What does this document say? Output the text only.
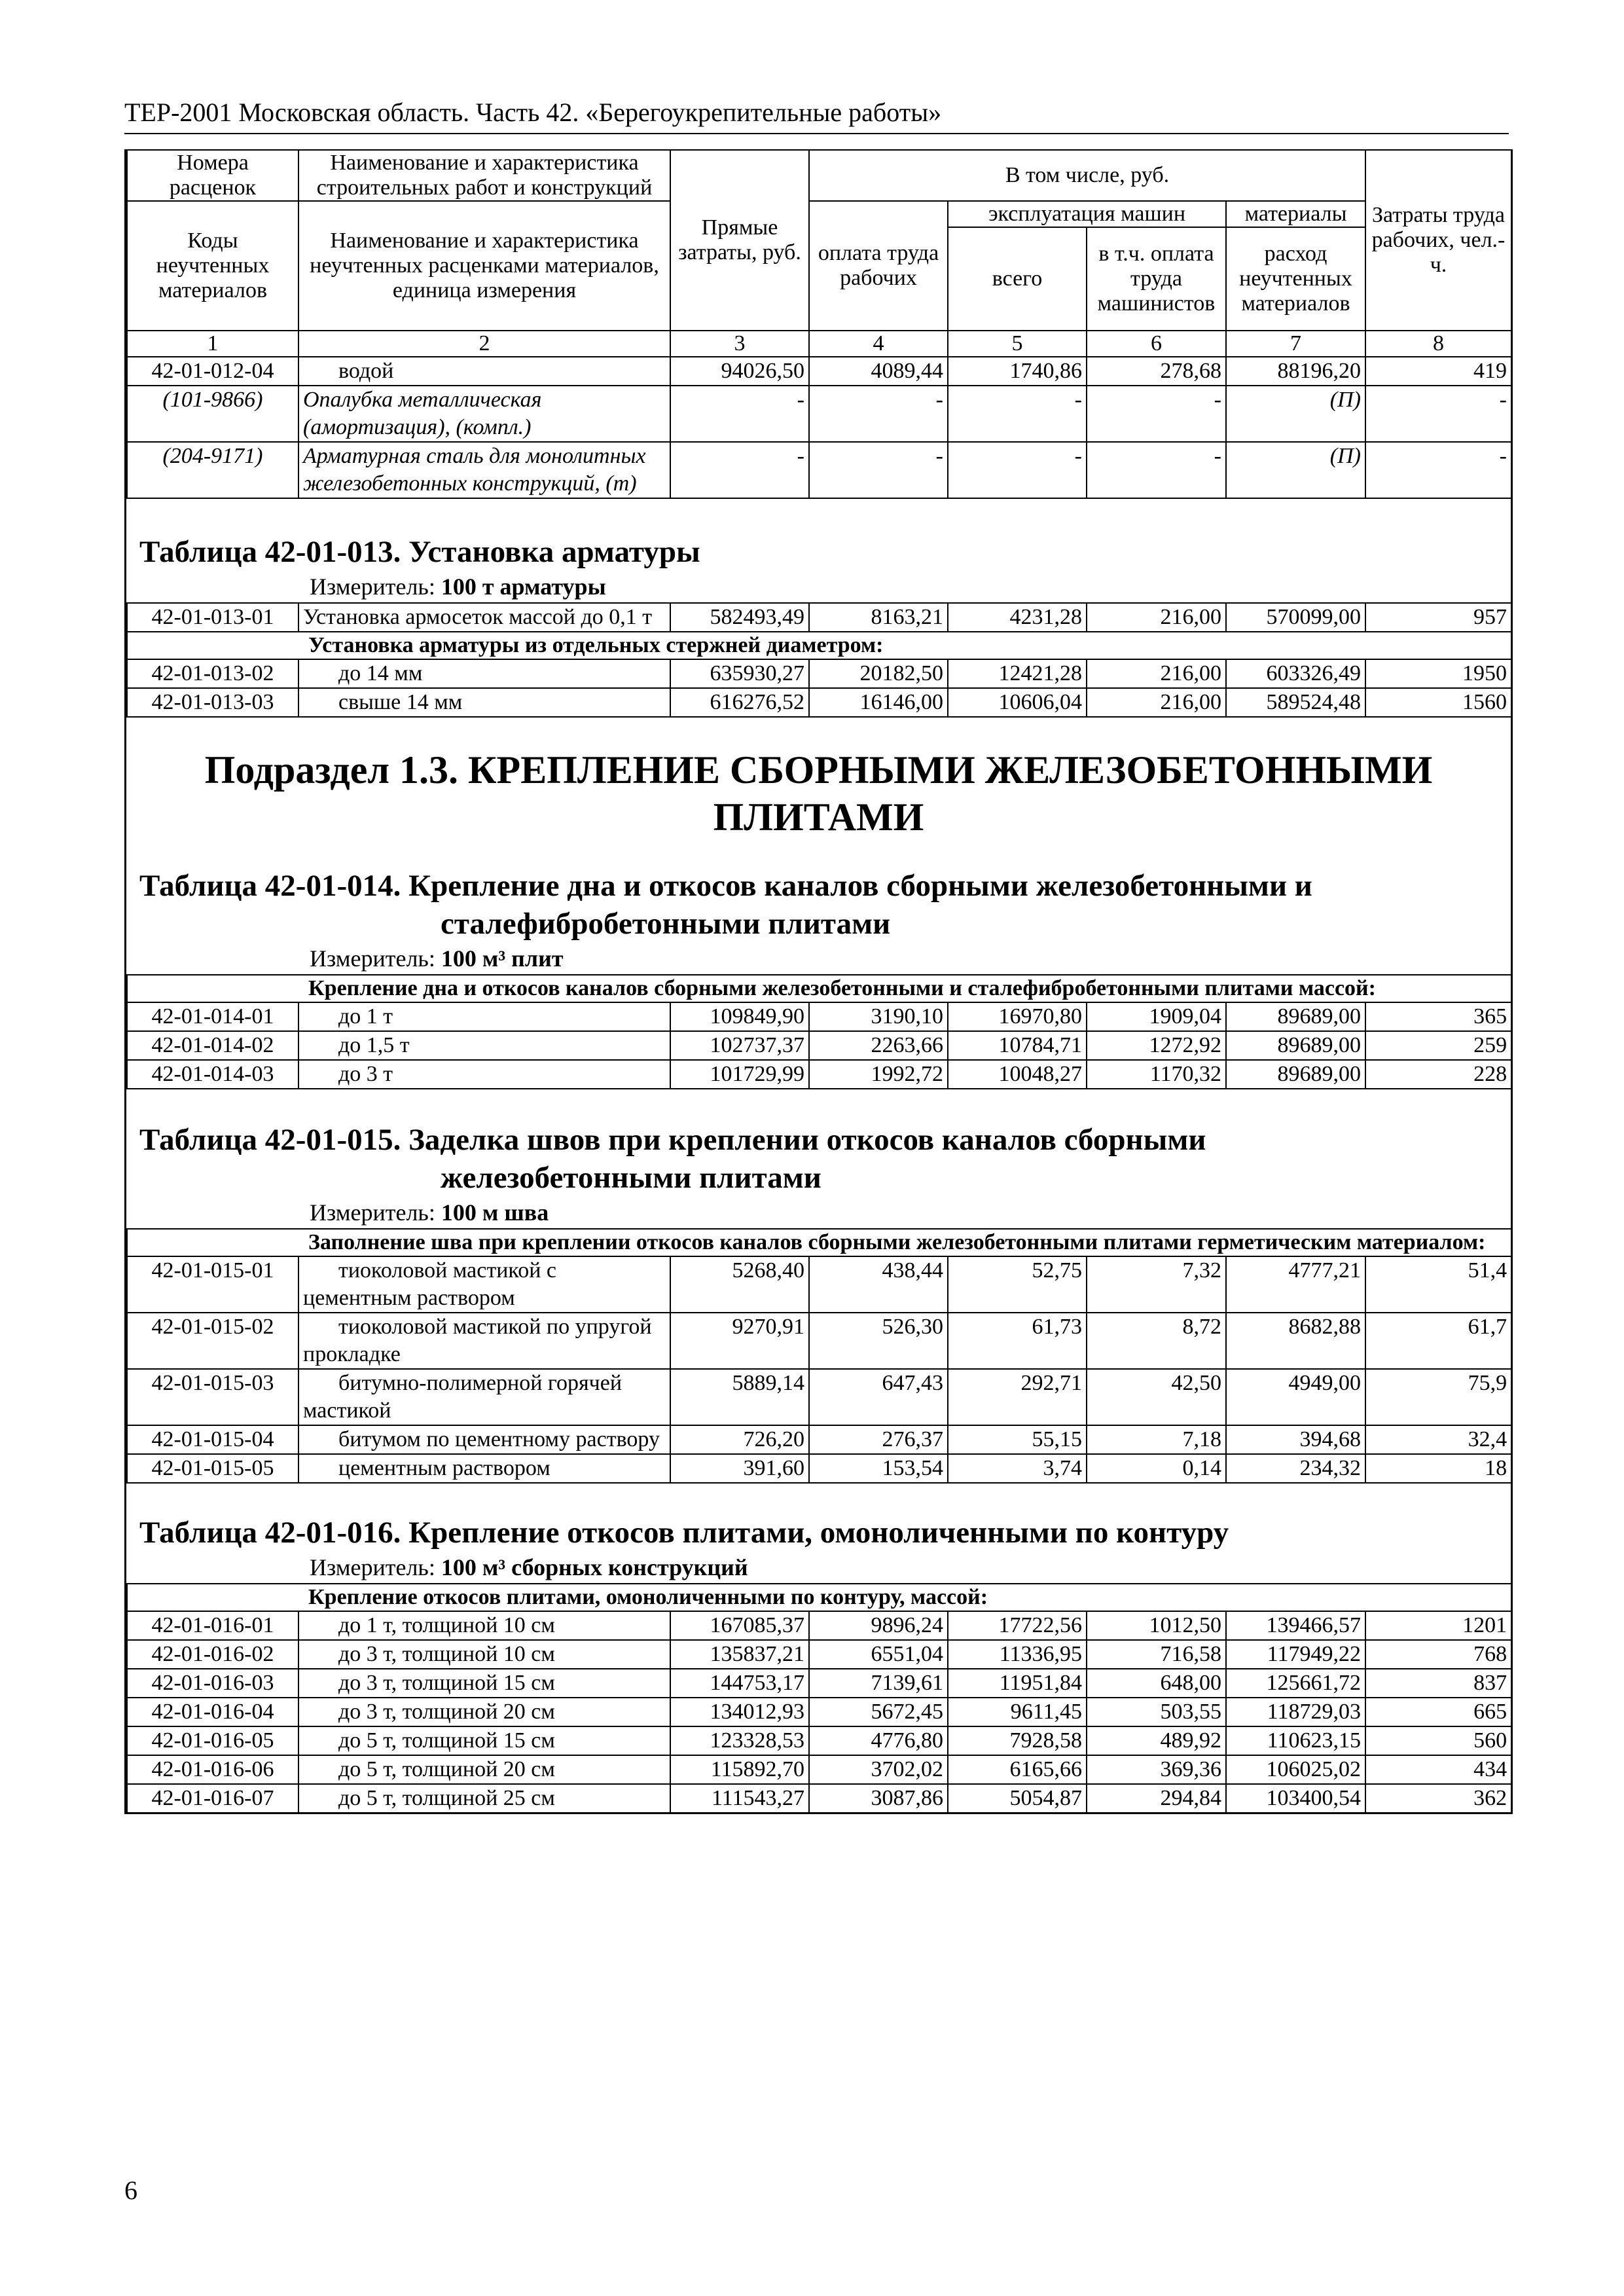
ТЕР-2001 Московская область. Часть 42. «Берегоукрепительные работы»
Номера расценок	Наименование и характеристика строительных работ и конструкций	Прямые затраты, руб.	В том числе, руб.				Затраты труда рабочих, чел.-ч.
Коды неучтенных материалов	Наименование и характеристика неучтенных расценками материалов, единица измерения		оплата труда рабочих	эксплуатация машин		материалы	
				всего	в т.ч. оплата труда машинистов	расход неучтенных материалов	
1	2	3	4	5	6	7	8
42-01-012-04	водой	94026,50	4089,44	1740,86	278,68	88196,20	419
(101-9866)	Опалубка металлическая (амортизация), (компл.)	-	-	-	-	(П)	-
(204-9171)	Арматурная сталь для монолитных железобетонных конструкций, (т)	-	-	-	-	(П)	-
Таблица 42-01-013. Установка арматуры
Измеритель: 100 т арматуры
42-01-013-01	Установка армосеток массой до 0,1 т	582493,49	8163,21	4231,28	216,00	570099,00	957
Установка арматуры из отдельных стержней диаметром:							
42-01-013-02	до 14 мм	635930,27	20182,50	12421,28	216,00	603326,49	1950
42-01-013-03	свыше 14 мм	616276,52	16146,00	10606,04	216,00	589524,48	1560
Подраздел 1.3. КРЕПЛЕНИЕ СБОРНЫМИ ЖЕЛЕЗОБЕТОННЫМИ
ПЛИТАМИ
Таблица 42-01-014. Крепление дна и откосов каналов сборными железобетонными и
сталефибробетонными плитами
Измеритель: 100 м³ плит
Крепление дна и откосов каналов сборными железобетонными и сталефибробетонными плитами массой:							
42-01-014-01	до 1 т	109849,90	3190,10	16970,80	1909,04	89689,00	365
42-01-014-02	до 1,5 т	102737,37	2263,66	10784,71	1272,92	89689,00	259
42-01-014-03	до 3 т	101729,99	1992,72	10048,27	1170,32	89689,00	228
Таблица 42-01-015. Заделка швов при креплении откосов каналов сборными
железобетонными плитами
Измеритель: 100 м шва
Заполнение шва при креплении откосов каналов сборными железобетонными плитами герметическим материалом:							
42-01-015-01	тиоколовой мастикой с цементным раствором	5268,40	438,44	52,75	7,32	4777,21	51,4
42-01-015-02	тиоколовой мастикой по упругой прокладке	9270,91	526,30	61,73	8,72	8682,88	61,7
42-01-015-03	битумно-полимерной горячей мастикой	5889,14	647,43	292,71	42,50	4949,00	75,9
42-01-015-04	битумом по цементному раствору	726,20	276,37	55,15	7,18	394,68	32,4
42-01-015-05	цементным раствором	391,60	153,54	3,74	0,14	234,32	18
Таблица 42-01-016. Крепление откосов плитами, омоноличенными по контуру
Измеритель: 100 м³ сборных конструкций
Крепление откосов плитами, омоноличенными по контуру, массой:							
42-01-016-01	до 1 т, толщиной 10 см	167085,37	9896,24	17722,56	1012,50	139466,57	1201
42-01-016-02	до 3 т, толщиной 10 см	135837,21	6551,04	11336,95	716,58	117949,22	768
42-01-016-03	до 3 т, толщиной 15 см	144753,17	7139,61	11951,84	648,00	125661,72	837
42-01-016-04	до 3 т, толщиной 20 см	134012,93	5672,45	9611,45	503,55	118729,03	665
42-01-016-05	до 5 т, толщиной 15 см	123328,53	4776,80	7928,58	489,92	110623,15	560
42-01-016-06	до 5 т, толщиной 20 см	115892,70	3702,02	6165,66	369,36	106025,02	434
42-01-016-07	до 5 т, толщиной 25 см	111543,27	3087,86	5054,87	294,84	103400,54	362
6
